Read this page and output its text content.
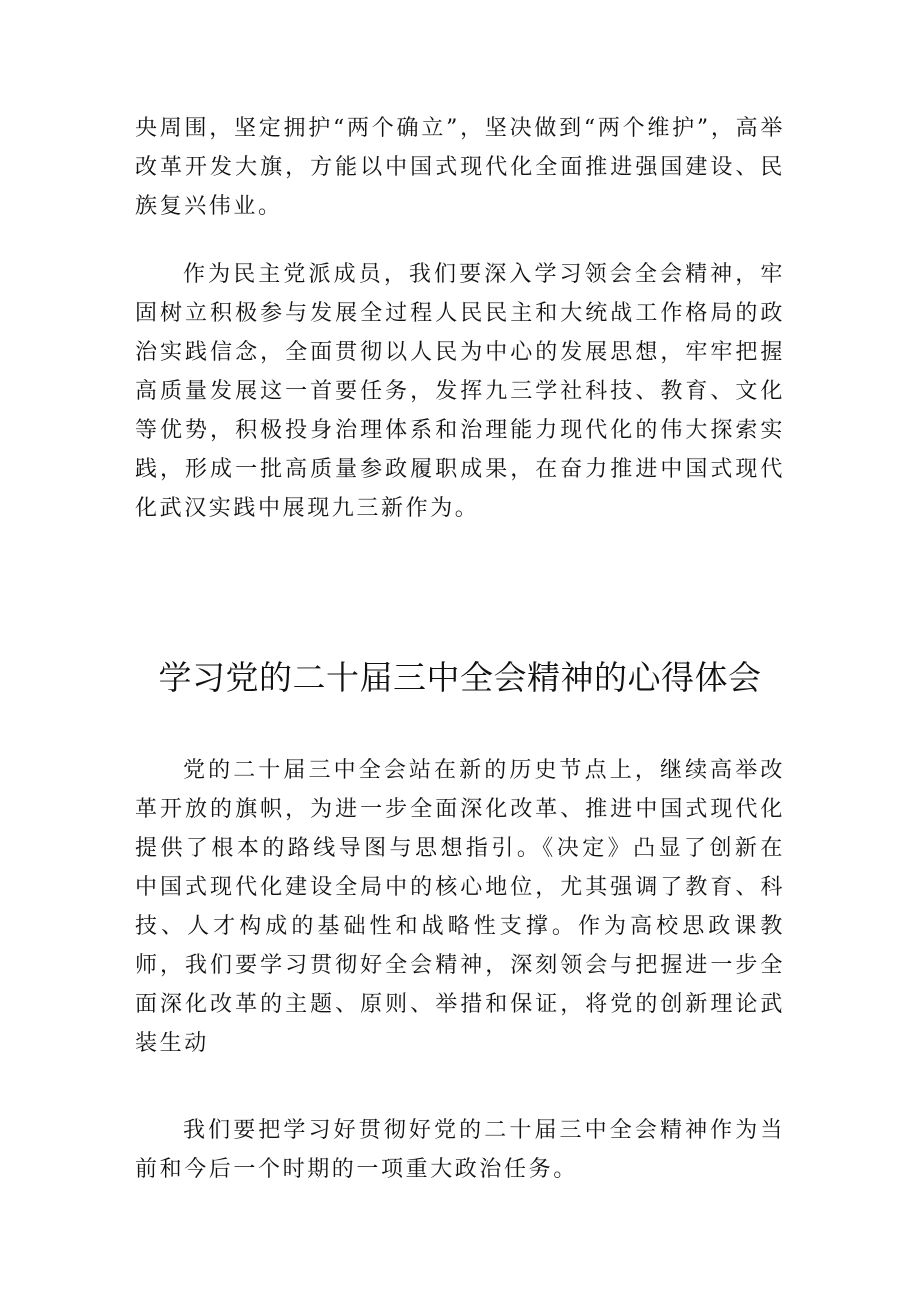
央周围，坚定拥护“两个确立”，坚决做到“两个维护”，高举改革开发大旗，方能以中国式现代化全面推进强国建设、民族复兴伟业。

作为民主党派成员，我们要深入学习领会全会精神，牢固树立积极参与发展全过程人民民主和大统战工作格局的政治实践信念，全面贯彻以人民为中心的发展思想，牢牢把握高质量发展这一首要任务，发挥九三学社科技、教育、文化等优势，积极投身治理体系和治理能力现代化的伟大探索实践，形成一批高质量参政履职成果，在奋力推进中国式现代化武汉实践中展现九三新作为。

学习党的二十届三中全会精神的心得体会

党的二十届三中全会站在新的历史节点上，继续高举改革开放的旗帜，为进一步全面深化改革、推进中国式现代化提供了根本的路线导图与思想指引。《决定》凸显了创新在中国式现代化建设全局中的核心地位，尤其强调了教育、科技、人才构成的基础性和战略性支撑。作为高校思政课教师，我们要学习贯彻好全会精神，深刻领会与把握进一步全面深化改革的主题、原则、举措和保证，将党的创新理论武装生动

我们要把学习好贯彻好党的二十届三中全会精神作为当前和今后一个时期的一项重大政治任务。
